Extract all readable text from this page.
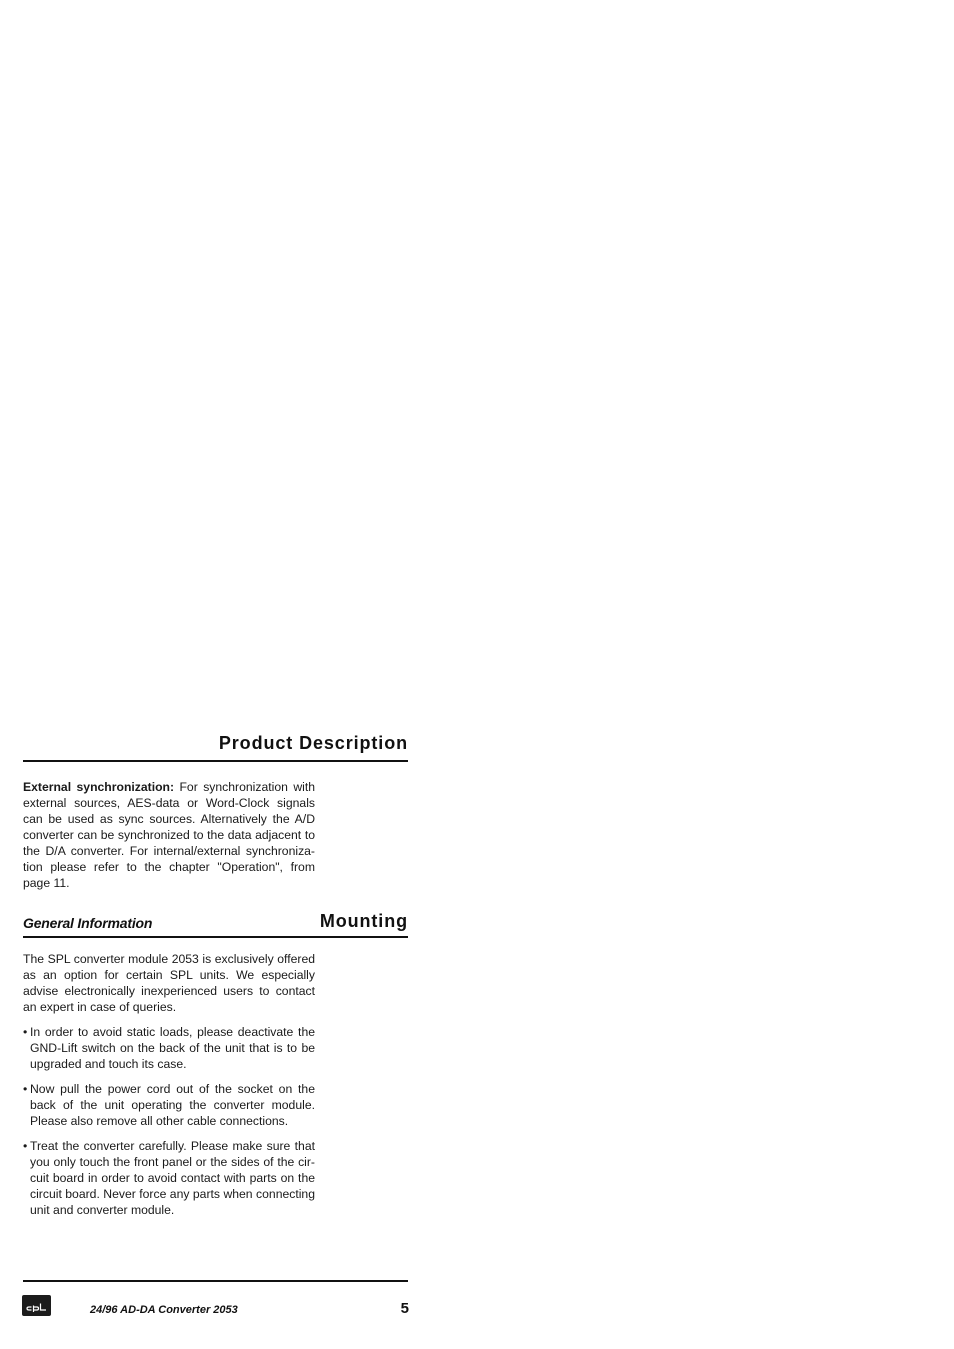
Product Description
External synchronization: For synchronization with external sources, AES-data or Word-Clock signals can be used as sync sources. Alternatively the A/D converter can be synchronized to the data adjacent to the D/A converter. For internal/external synchroniza-tion please refer to the chapter "Operation", from page 11.
General Information	Mounting
The SPL converter module 2053 is exclusively offered as an option for certain SPL units. We especially advise electronically inexperienced users to contact an expert in case of queries.
• In order to avoid static loads, please deactivate the GND-Lift switch on the back of the unit that is to be upgraded and touch its case.
• Now pull the power cord out of the socket on the back of the unit operating the converter module. Please also remove all other cable connections.
• Treat the converter carefully. Please make sure that you only touch the front panel or the sides of the cir-cuit board in order to avoid contact with parts on the circuit board. Never force any parts when connecting unit and converter module.
24/96 AD-DA Converter 2053	5
